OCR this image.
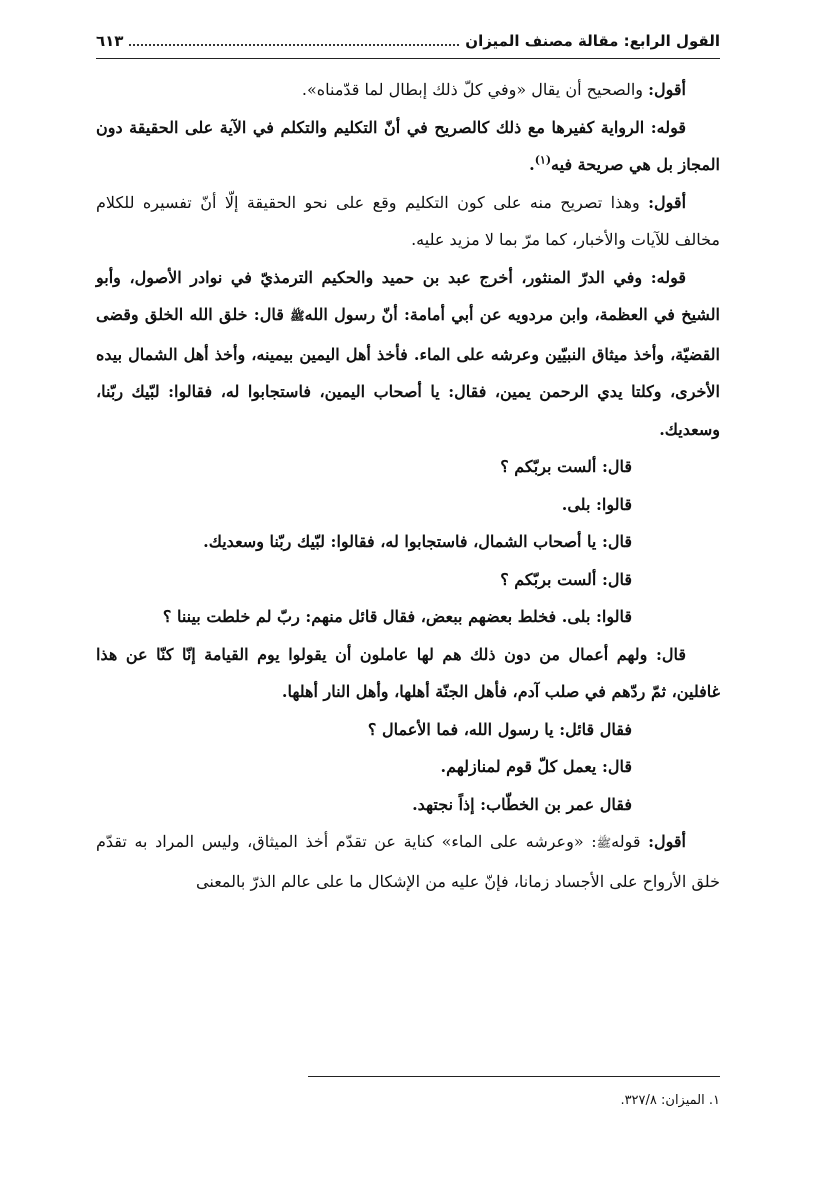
القول الرابع: مقالة مصنف الميزان
٦١٣

أقول: والصحيح أن يقال «وفي كلّ ذلك إبطال لما قدّمناه».

قوله: الرواية كفيرها مع ذلك كالصريح في أنّ التكليم والتكلم في الآية على الحقيقة دون المجاز بل هي صريحة فيه$^{(١)}$.

أقول: وهذا تصريح منه على كون التكليم وقع على نحو الحقيقة إلّا أنّ تفسيره للكلام مخالف للآيات والأخبار، كما مرّ بما لا مزيد عليه.

قوله: وفي الدرّ المنثور، أخرج عبد بن حميد والحكيم الترمذيّ في نوادر الأصول، وأبو الشيخ في العظمة، وابن مردويه عن أبي أمامة: أنّ رسول اللهﷺ قال: خلق الله الخلق وقضى القضيّة، وأخذ ميثاق النبيّين وعرشه على الماء. فأخذ أهل اليمين بيمينه، وأخذ أهل الشمال بيده الأخرى، وكلتا يدي الرحمن يمين، فقال: يا أصحاب اليمين، فاستجابوا له، فقالوا: لبّيك ربّنا، وسعديك.

قال: ألست بربّكم ؟

قالوا: بلى.

قال: يا أصحاب الشمال، فاستجابوا له، فقالوا: لبّيك ربّنا وسعديك.

قال: ألست بربّكم ؟

قالوا: بلى. فخلط بعضهم ببعض، فقال قائل منهم: ربّ لم خلطت بيننا ؟

قال: ولهم أعمال من دون ذلك هم لها عاملون أن يقولوا يوم القيامة إنّا كنّا عن هذا غافلين، ثمّ ردّهم في صلب آدم، فأهل الجنّة أهلها، وأهل النار أهلها.

فقال قائل: يا رسول الله، فما الأعمال ؟

قال: يعمل كلّ قوم لمنازلهم.

فقال عمر بن الخطّاب: إذاً نجتهد.

أقول: قولهﷺ: «وعرشه على الماء» كناية عن تقدّم أخذ الميثاق، وليس المراد به تقدّم خلق الأرواح على الأجساد زمانا، فإنّ عليه من الإشكال ما على عالم الذرّ بالمعنى

١. الميزان: ٣٢٧/٨.
